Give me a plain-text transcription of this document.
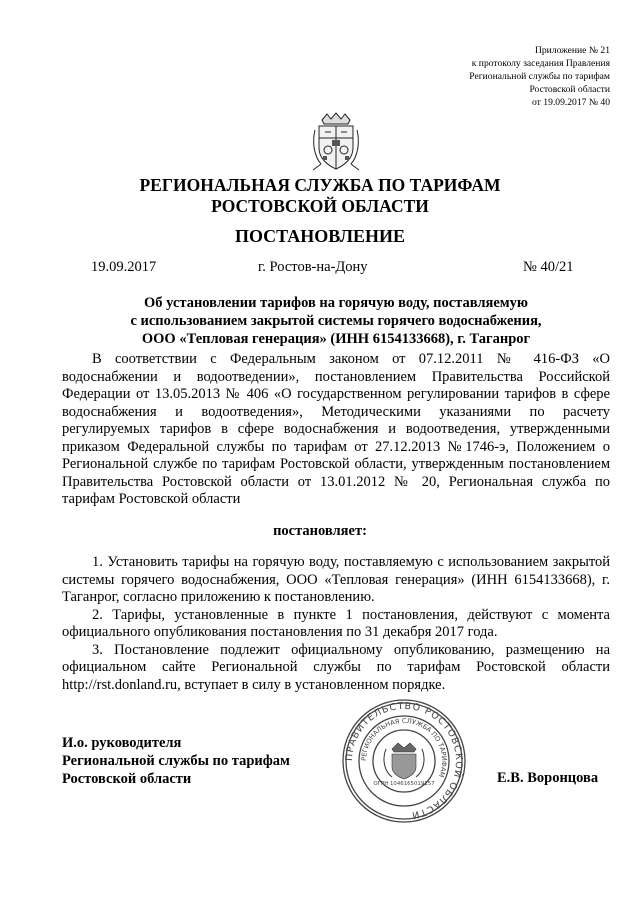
Приложение № 21
к протоколу заседания Правления
Региональной службы по тарифам
Ростовской области
от 19.09.2017 № 40
РЕГИОНАЛЬНАЯ СЛУЖБА ПО ТАРИФАМ
РОСТОВСКОЙ ОБЛАСТИ
ПОСТАНОВЛЕНИЕ
19.09.2017	г. Ростов-на-Дону	№ 40/21
Об установлении тарифов на горячую воду, поставляемую
с использованием закрытой системы горячего водоснабжения,
ООО «Тепловая генерация» (ИНН 6154133668), г. Таганрог
В соответствии с Федеральным законом от 07.12.2011 № 416-ФЗ «О водоснабжении и водоотведении», постановлением Правительства Российской Федерации от 13.05.2013 № 406 «О государственном регулировании тарифов в сфере водоснабжения и водоотведения», Методическими указаниями по расчету регулируемых тарифов в сфере водоснабжения и водоотведения, утвержденными приказом Федеральной службы по тарифам от 27.12.2013 №1746-э, Положением о Региональной службе по тарифам Ростовской области, утвержденным постановлением Правительства Ростовской области от 13.01.2012 № 20, Региональная служба по тарифам Ростовской области
постановляет:

1. Установить тарифы на горячую воду, поставляемую с использованием закрытой системы горячего водоснабжения, ООО «Тепловая генерация» (ИНН 6154133668), г. Таганрог, согласно приложению к постановлению.

2. Тарифы, установленные в пункте 1 постановления, действуют с момента официального опубликования постановления по 31 декабря 2017 года.

3. Постановление подлежит официальному опубликованию, размещению на официальном сайте Региональной службы по тарифам Ростовской области http://rst.donland.ru, вступает в силу в установленном порядке.

ПРАВИТЕЛЬСТВО РОСТОВСКОЙ ОБЛАСТИ
РЕГИОНАЛЬНАЯ СЛУЖБА ПО ТАРИФАМ
ОГРН 1046165019157
И.о. руководителя
Региональной службы по тарифам
Ростовской области	Е.В. Воронцова
